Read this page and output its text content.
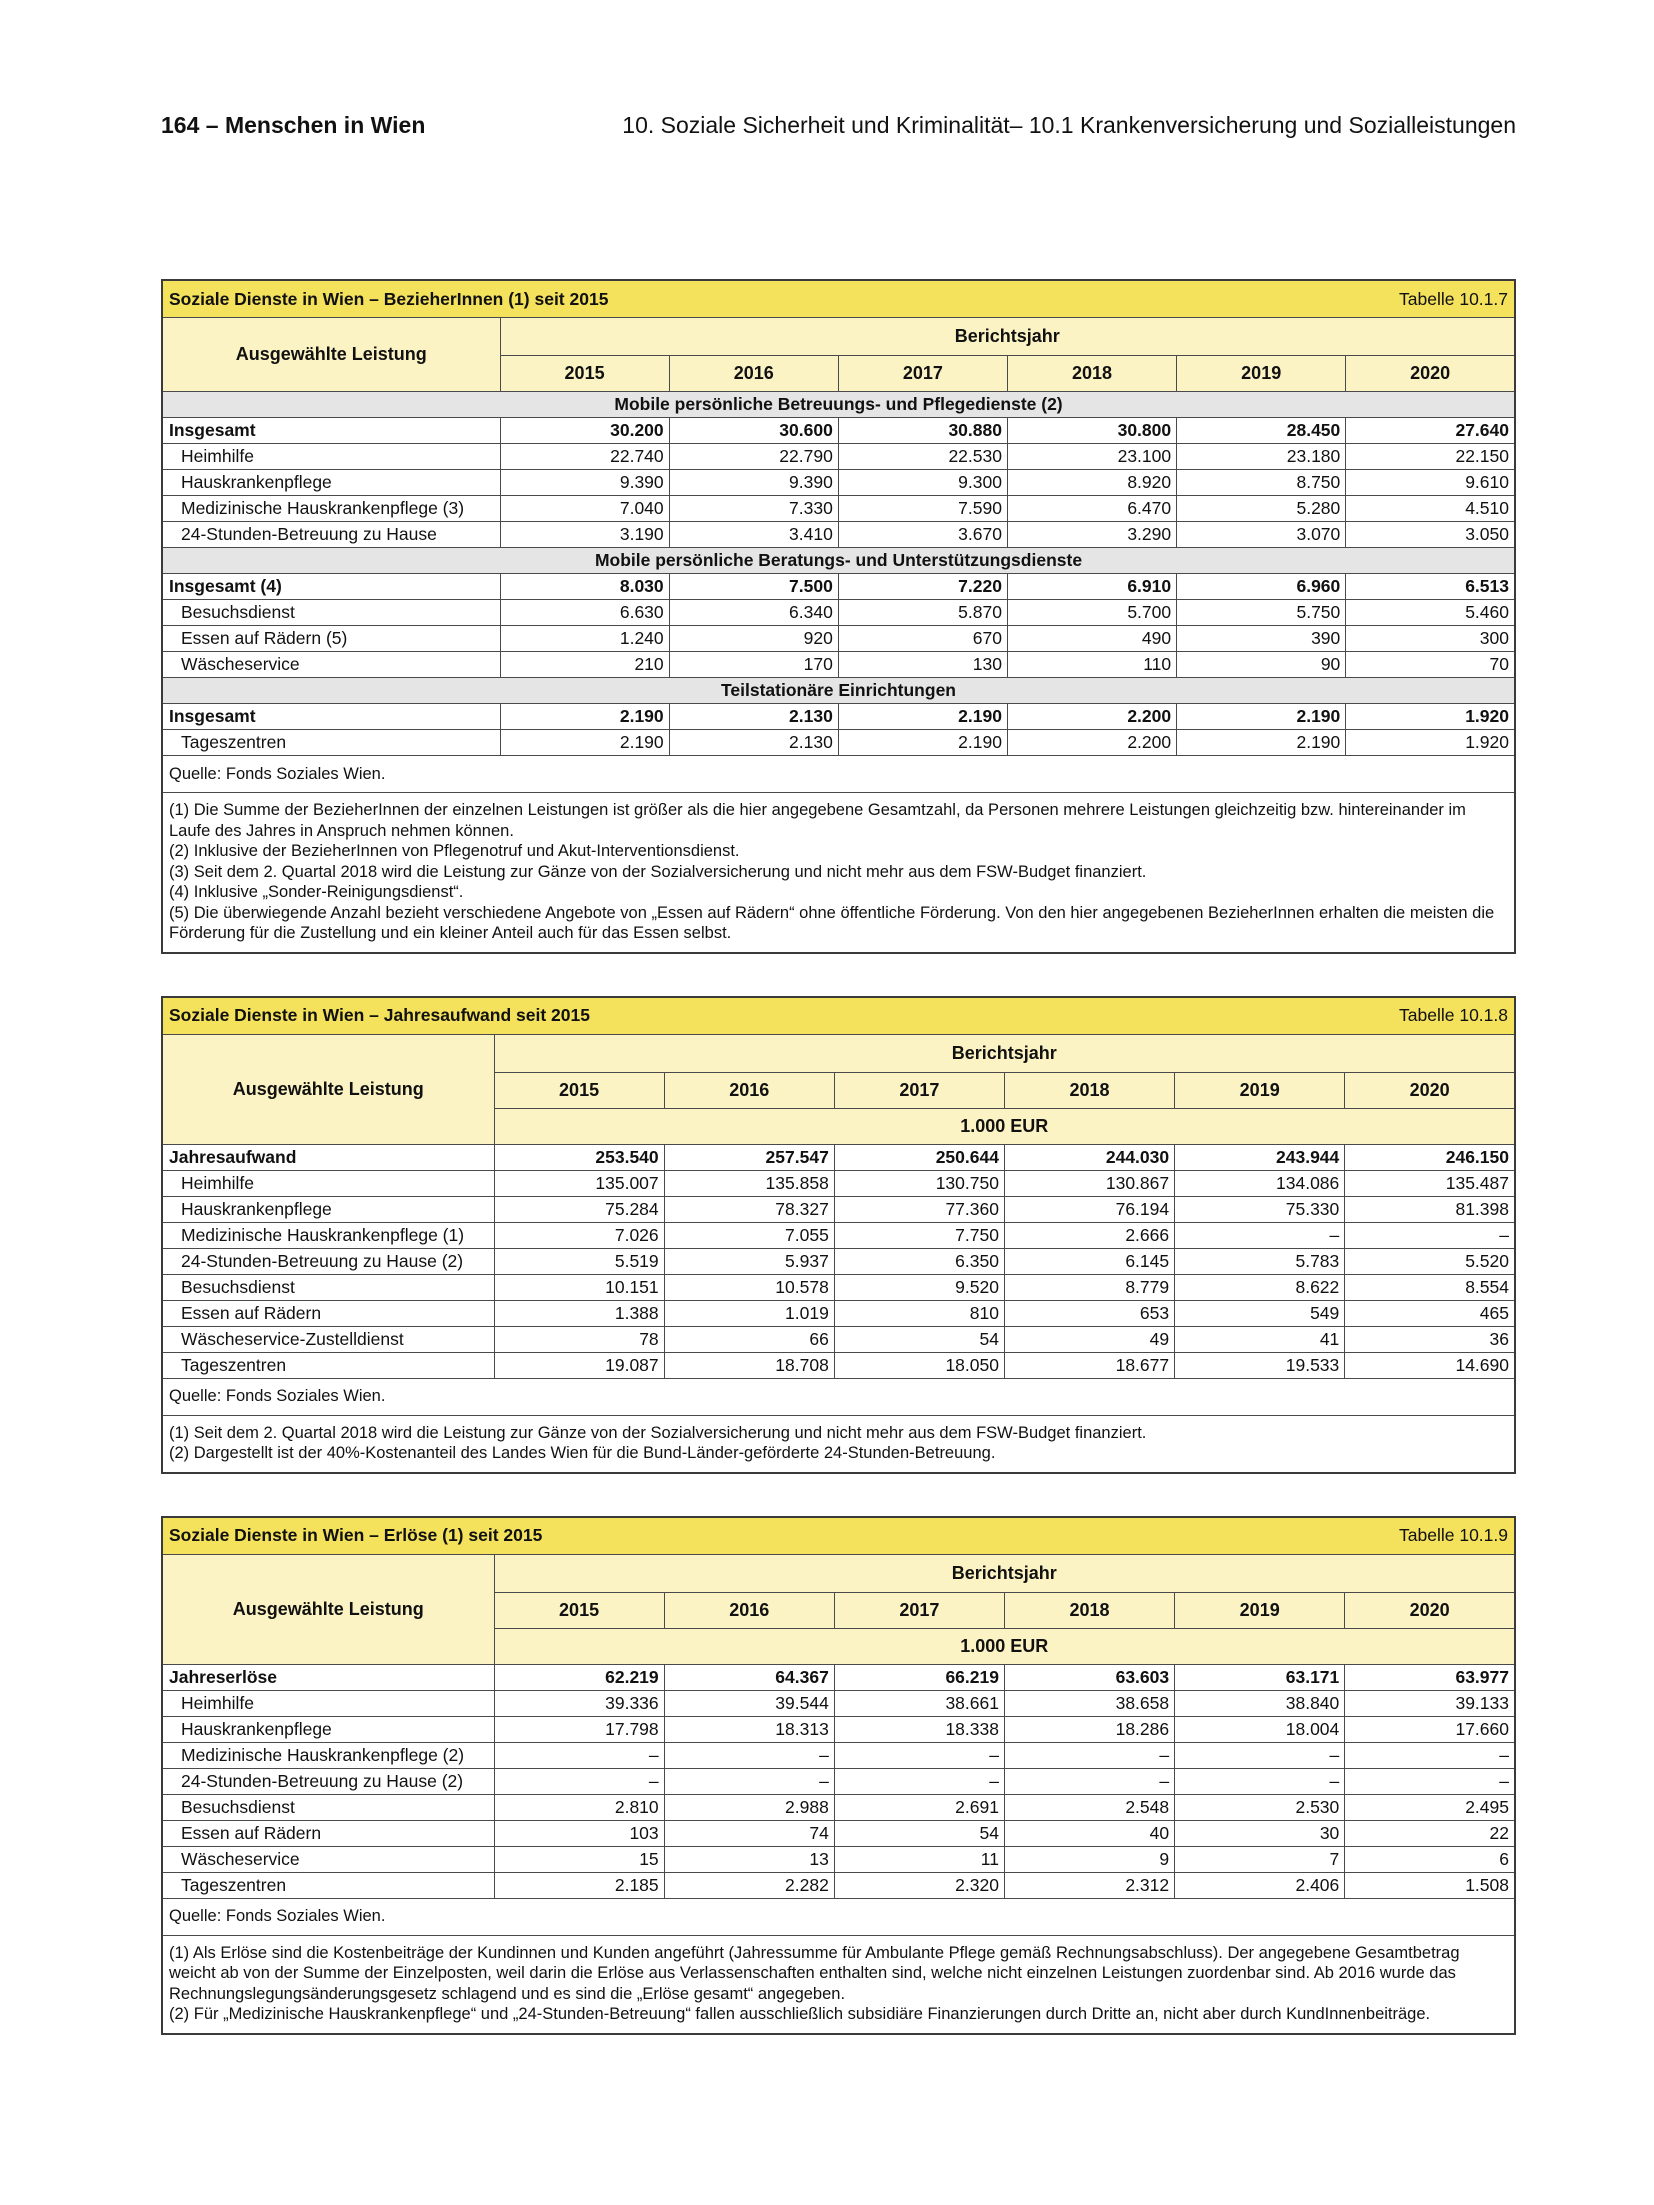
164 – Menschen in Wien	10. Soziale Sicherheit und Kriminalität– 10.1 Krankenversicherung und Sozialleistungen
Soziale Dienste in Wien – BezieherInnen (1) seit 2015 Tabelle 10.1.7						

Ausgewählte Leistung	Berichtsjahr					
	2015	2016	2017	2018	2019	2020
Mobile persönliche Betreuungs- und Pflegedienste (2)						
Insgesamt	30.200	30.600	30.880	30.800	28.450	27.640
Heimhilfe	22.740	22.790	22.530	23.100	23.180	22.150
Hauskrankenpflege	9.390	9.390	9.300	8.920	8.750	9.610
Medizinische Hauskrankenpflege (3)	7.040	7.330	7.590	6.470	5.280	4.510
24-Stunden-Betreuung zu Hause	3.190	3.410	3.670	3.290	3.070	3.050
Mobile persönliche Beratungs- und Unterstützungsdienste						
Insgesamt (4)	8.030	7.500	7.220	6.910	6.960	6.513
Besuchsdienst	6.630	6.340	5.870	5.700	5.750	5.460
Essen auf Rädern (5)	1.240	920	670	490	390	300
Wäscheservice	210	170	130	110	90	70
Teilstationäre Einrichtungen						
Insgesamt	2.190	2.130	2.190	2.200	2.190	1.920
Tageszentren	2.190	2.130	2.190	2.200	2.190	1.920
Quelle: Fonds Soziales Wien.						

(1) Die Summe der BezieherInnen der einzelnen Leistungen ist größer als die hier angegebene Gesamtzahl, da Personen mehrere Leistungen gleichzeitig bzw. hintereinander im Laufe des Jahres in Anspruch nehmen können.
(2) Inklusive der BezieherInnen von Pflegenotruf und Akut-Interventionsdienst.
(3) Seit dem 2. Quartal 2018 wird die Leistung zur Gänze von der Sozialversicherung und nicht mehr aus dem FSW-Budget finanziert.
(4) Inklusive „Sonder-Reinigungsdienst“.
(5) Die überwiegende Anzahl bezieht verschiedene Angebote von „Essen auf Rädern“ ohne öffentliche Förderung. Von den hier angegebenen BezieherInnen erhalten die meisten die Förderung für die Zustellung und ein kleiner Anteil auch für das Essen selbst.						
Soziale Dienste in Wien – Jahresaufwand seit 2015 Tabelle 10.1.8						

Ausgewählte Leistung	Berichtsjahr					
	2015	2016	2017	2018	2019	2020
	1.000 EUR					
Jahresaufwand	253.540	257.547	250.644	244.030	243.944	246.150
Heimhilfe	135.007	135.858	130.750	130.867	134.086	135.487
Hauskrankenpflege	75.284	78.327	77.360	76.194	75.330	81.398
Medizinische Hauskrankenpflege (1)	7.026	7.055	7.750	2.666	–	–
24-Stunden-Betreuung zu Hause (2)	5.519	5.937	6.350	6.145	5.783	5.520
Besuchsdienst	10.151	10.578	9.520	8.779	8.622	8.554
Essen auf Rädern	1.388	1.019	810	653	549	465
Wäscheservice-Zustelldienst	78	66	54	49	41	36
Tageszentren	19.087	18.708	18.050	18.677	19.533	14.690
Quelle: Fonds Soziales Wien.						

(1) Seit dem 2. Quartal 2018 wird die Leistung zur Gänze von der Sozialversicherung und nicht mehr aus dem FSW-Budget finanziert.
(2) Dargestellt ist der 40%-Kostenanteil des Landes Wien für die Bund-Länder-geförderte 24-Stunden-Betreuung.						
Soziale Dienste in Wien – Erlöse (1) seit 2015 Tabelle 10.1.9						

Ausgewählte Leistung	Berichtsjahr					
	2015	2016	2017	2018	2019	2020
	1.000 EUR					
Jahreserlöse	62.219	64.367	66.219	63.603	63.171	63.977
Heimhilfe	39.336	39.544	38.661	38.658	38.840	39.133
Hauskrankenpflege	17.798	18.313	18.338	18.286	18.004	17.660
Medizinische Hauskrankenpflege (2)	–	–	–	–	–	–
24-Stunden-Betreuung zu Hause (2)	–	–	–	–	–	–
Besuchsdienst	2.810	2.988	2.691	2.548	2.530	2.495
Essen auf Rädern	103	74	54	40	30	22
Wäscheservice	15	13	11	9	7	6
Tageszentren	2.185	2.282	2.320	2.312	2.406	1.508
Quelle: Fonds Soziales Wien.						

(1) Als Erlöse sind die Kostenbeiträge der Kundinnen und Kunden angeführt (Jahressumme für Ambulante Pflege gemäß Rechnungsabschluss). Der angegebene Gesamtbetrag weicht ab von der Summe der Einzelposten, weil darin die Erlöse aus Verlassenschaften enthalten sind, welche nicht einzelnen Leistungen zuordenbar sind. Ab 2016 wurde das Rechnungslegungsänderungsgesetz schlagend und es sind die „Erlöse gesamt“ angegeben.
(2) Für „Medizinische Hauskrankenpflege“ und „24-Stunden-Betreuung“ fallen ausschließlich subsidiäre Finanzierungen durch Dritte an, nicht aber durch KundInnenbeiträge.						
